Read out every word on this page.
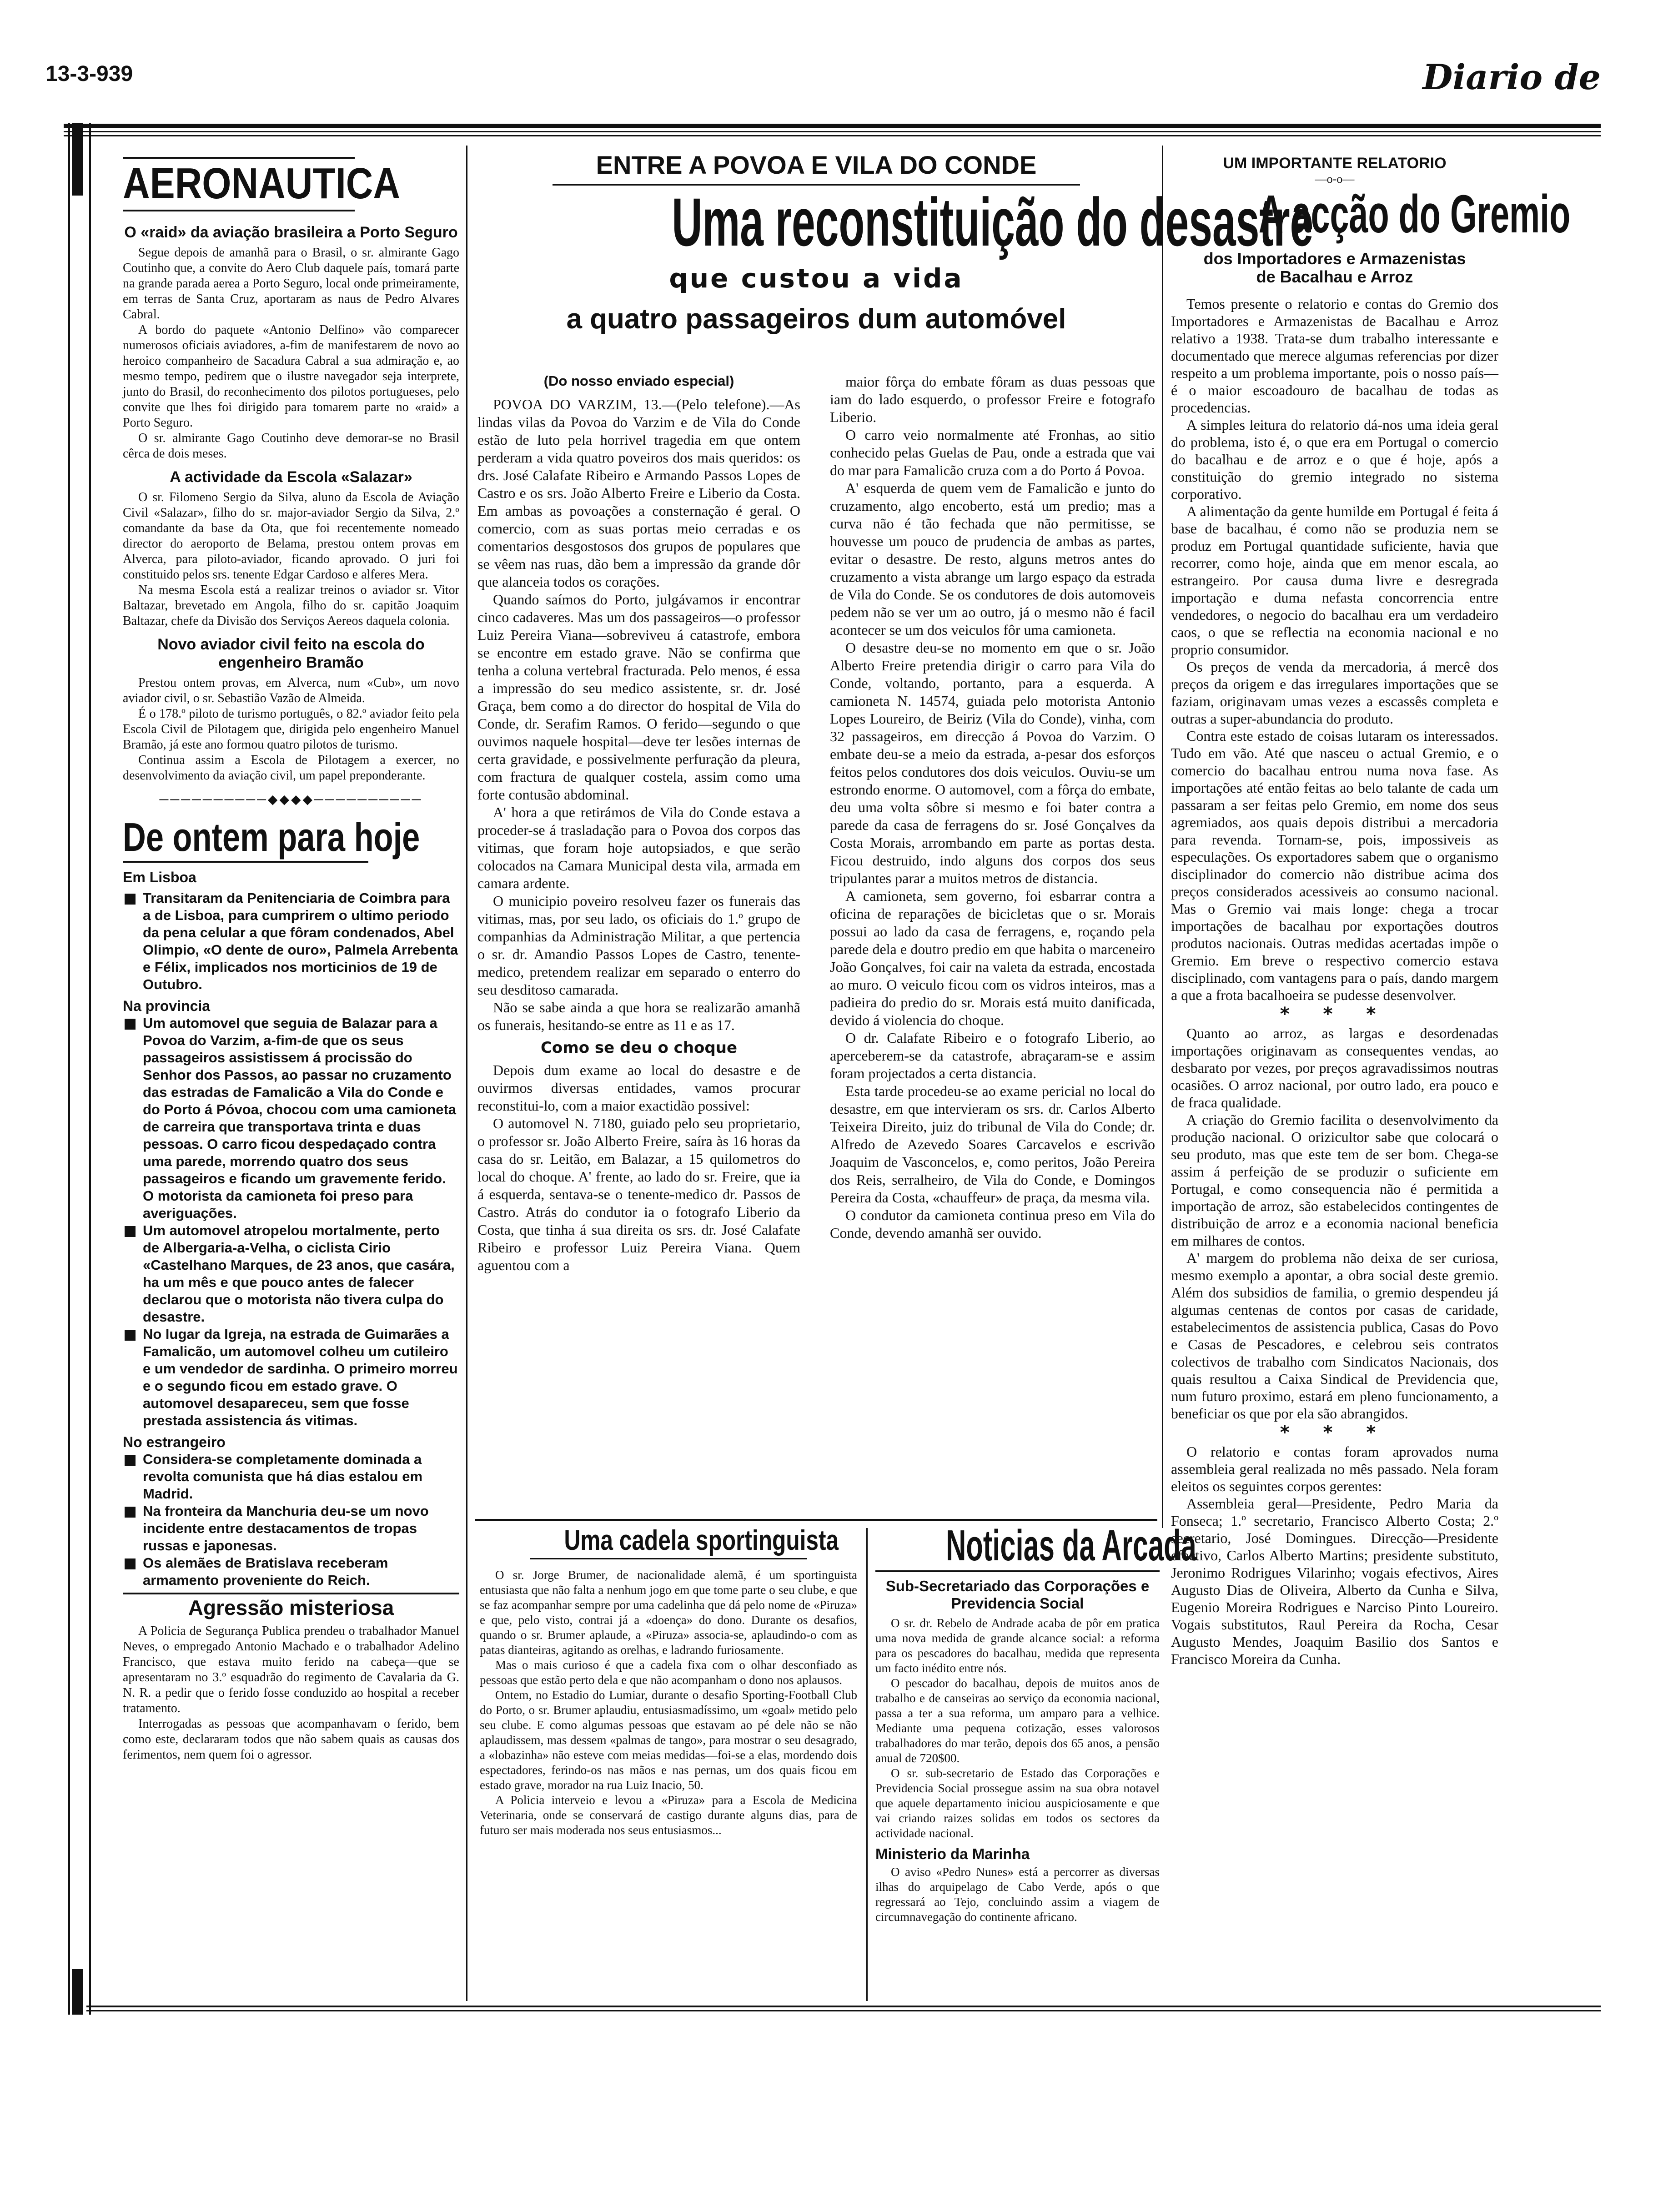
13-3-939	Diario de
AERONAUTICA
O «raid» da aviação brasileira a Porto Seguro

Segue depois de amanhã para o Brasil, o sr. almirante Gago Coutinho que, a convite do Aero Club daquele país, tomará parte na grande parada aerea a Porto Seguro, local onde primeiramente, em terras de Santa Cruz, aportaram as naus de Pedro Alvares Cabral.

A bordo do paquete «Antonio Delfino» vão comparecer numerosos oficiais aviadores, a-fim de manifestarem de novo ao heroico companheiro de Sacadura Cabral a sua admiração e, ao mesmo tempo, pedirem que o ilustre navegador seja interprete, junto do Brasil, do reconhecimento dos pilotos portugueses, pelo convite que lhes foi dirigido para tomarem parte no «raid» a Porto Seguro.

O sr. almirante Gago Coutinho deve demorar-se no Brasil cêrca de dois meses.

A actividade da Escola «Salazar»

O sr. Filomeno Sergio da Silva, aluno da Escola de Aviação Civil «Salazar», filho do sr. major-aviador Sergio da Silva, 2.º comandante da base da Ota, que foi recentemente nomeado director do aeroporto de Belama, prestou ontem provas em Alverca, para piloto-aviador, ficando aprovado. O juri foi constituido pelos srs. tenente Edgar Cardoso e alferes Mera.

Na mesma Escola está a realizar treinos o aviador sr. Vitor Baltazar, brevetado em Angola, filho do sr. capitão Joaquim Baltazar, chefe da Divisão dos Serviços Aereos daquela colonia.

Novo aviador civil feito na escola do engenheiro Bramão

Prestou ontem provas, em Alverca, num «Cub», um novo aviador civil, o sr. Sebastião Vazão de Almeida.

É o 178.º piloto de turismo português, o 82.º aviador feito pela Escola Civil de Pilotagem que, dirigida pelo engenheiro Manuel Bramão, já este ano formou quatro pilotos de turismo.

Continua assim a Escola de Pilotagem a exercer, no desenvolvimento da aviação civil, um papel preponderante.

──────────◆◆◆◆──────────
De ontem para hoje
Em Lisboa
Transitaram da Penitenciaria de Coimbra para a de Lisboa, para cumprirem o ultimo periodo da pena celular a que fôram condenados, Abel Olimpio, «O dente de ouro», Palmela Arrebenta e Félix, implicados nos morticinios de 19 de Outubro.
Na provincia
Um automovel que seguia de Balazar para a Povoa do Varzim, a-fim-de que os seus passageiros assistissem á procissão do Senhor dos Passos, ao passar no cruzamento das estradas de Famalicão a Vila do Conde e do Porto á Póvoa, chocou com uma camioneta de carreira que transportava trinta e duas pessoas. O carro ficou despedaçado contra uma parede, morrendo quatro dos seus passageiros e ficando um gravemente ferido. O motorista da camioneta foi preso para averiguações.
Um automovel atropelou mortalmente, perto de Albergaria-a-Velha, o ciclista Cirio «Castelhano Marques, de 23 anos, que casára, ha um mês e que pouco antes de falecer declarou que o motorista não tivera culpa do desastre.
No lugar da Igreja, na estrada de Guimarães a Famalicão, um automovel colheu um cutileiro e um vendedor de sardinha. O primeiro morreu e o segundo ficou em estado grave. O automovel desapareceu, sem que fosse prestada assistencia ás vitimas.
No estrangeiro
Considera-se completamente dominada a revolta comunista que há dias estalou em Madrid.
Na fronteira da Manchuria deu-se um novo incidente entre destacamentos de tropas russas e japonesas.
Os alemães de Bratislava receberam armamento proveniente do Reich.
Agressão misteriosa

A Policia de Segurança Publica prendeu o trabalhador Manuel Neves, o empregado Antonio Machado e o trabalhador Adelino Francisco, que estava muito ferido na cabeça—que se apresentaram no 3.º esquadrão do regimento de Cavalaria da G. N. R. a pedir que o ferido fosse conduzido ao hospital a receber tratamento.

Interrogadas as pessoas que acompanhavam o ferido, bem como este, declararam todos que não sabem quais as causas dos ferimentos, nem quem foi o agressor.

ENTRE A POVOA E VILA DO CONDE
Uma reconstituição do desastre
que custou a vida
a quatro passageiros dum automóvel
(Do nosso enviado especial)

POVOA DO VARZIM, 13.—(Pelo telefone).—As lindas vilas da Povoa do Varzim e de Vila do Conde estão de luto pela horrivel tragedia em que ontem perderam a vida quatro poveiros dos mais queridos: os drs. José Calafate Ribeiro e Armando Passos Lopes de Castro e os srs. João Alberto Freire e Liberio da Costa. Em ambas as povoações a consternação é geral. O comercio, com as suas portas meio cerradas e os comentarios desgostosos dos grupos de populares que se vêem nas ruas, dão bem a impressão da grande dôr que alanceia todos os corações.

Quando saímos do Porto, julgávamos ir encontrar cinco cadaveres. Mas um dos passageiros—o professor Luiz Pereira Viana—sobreviveu á catastrofe, embora se encontre em estado grave. Não se confirma que tenha a coluna vertebral fracturada. Pelo menos, é essa a impressão do seu medico assistente, sr. dr. José Graça, bem como a do director do hospital de Vila do Conde, dr. Serafim Ramos. O ferido—segundo o que ouvimos naquele hospital—deve ter lesões internas de certa gravidade, e possivelmente perfuração da pleura, com fractura de qualquer costela, assim como uma forte contusão abdominal.

A' hora a que retirámos de Vila do Conde estava a proceder-se á trasladação para o Povoa dos corpos das vitimas, que foram hoje autopsiados, e que serão colocados na Camara Municipal desta vila, armada em camara ardente.

O municipio poveiro resolveu fazer os funerais das vitimas, mas, por seu lado, os oficiais do 1.º grupo de companhias da Administração Militar, a que pertencia o sr. dr. Amandio Passos Lopes de Castro, tenente-medico, pretendem realizar em separado o enterro do seu desditoso camarada.

Não se sabe ainda a que hora se realizarão amanhã os funerais, hesitando-se entre as 11 e as 17.

Como se deu o choque

Depois dum exame ao local do desastre e de ouvirmos diversas entidades, vamos procurar reconstitui-lo, com a maior exactidão possivel:

O automovel N. 7180, guiado pelo seu proprietario, o professor sr. João Alberto Freire, saíra às 16 horas da casa do sr. Leitão, em Balazar, a 15 quilometros do local do choque. A' frente, ao lado do sr. Freire, que ia á esquerda, sentava-se o tenente-medico dr. Passos de Castro. Atrás do condutor ia o fotografo Liberio da Costa, que tinha á sua direita os srs. dr. José Calafate Ribeiro e professor Luiz Pereira Viana. Quem aguentou com a

maior fôrça do embate fôram as duas pessoas que iam do lado esquerdo, o professor Freire e fotografo Liberio.

O carro veio normalmente até Fronhas, ao sitio conhecido pelas Guelas de Pau, onde a estrada que vai do mar para Famalicão cruza com a do Porto á Povoa.

A' esquerda de quem vem de Famalicão e junto do cruzamento, algo encoberto, está um predio; mas a curva não é tão fechada que não permitisse, se houvesse um pouco de prudencia de ambas as partes, evitar o desastre. De resto, alguns metros antes do cruzamento a vista abrange um largo espaço da estrada de Vila do Conde. Se os condutores de dois automoveis pedem não se ver um ao outro, já o mesmo não é facil acontecer se um dos veiculos fôr uma camioneta.

O desastre deu-se no momento em que o sr. João Alberto Freire pretendia dirigir o carro para Vila do Conde, voltando, portanto, para a esquerda. A camioneta N. 14574, guiada pelo motorista Antonio Lopes Loureiro, de Beiriz (Vila do Conde), vinha, com 32 passageiros, em direcção á Povoa do Varzim. O embate deu-se a meio da estrada, a-pesar dos esforços feitos pelos condutores dos dois veiculos. Ouviu-se um estrondo enorme. O automovel, com a fôrça do embate, deu uma volta sôbre si mesmo e foi bater contra a parede da casa de ferragens do sr. José Gonçalves da Costa Morais, arrombando em parte as portas desta. Ficou destruido, indo alguns dos corpos dos seus tripulantes parar a muitos metros de distancia.

A camioneta, sem governo, foi esbarrar contra a oficina de reparações de bicicletas que o sr. Morais possui ao lado da casa de ferragens, e, roçando pela parede dela e doutro predio em que habita o marceneiro João Gonçalves, foi cair na valeta da estrada, encostada ao muro. O veiculo ficou com os vidros inteiros, mas a padieira do predio do sr. Morais está muito danificada, devido á violencia do choque.

O dr. Calafate Ribeiro e o fotografo Liberio, ao aperceberem-se da catastrofe, abraçaram-se e assim foram projectados a certa distancia.

Esta tarde procedeu-se ao exame pericial no local do desastre, em que intervieram os srs. dr. Carlos Alberto Teixeira Direito, juiz do tribunal de Vila do Conde; dr. Alfredo de Azevedo Soares Carcavelos e escrivão Joaquim de Vasconcelos, e, como peritos, João Pereira dos Reis, serralheiro, de Vila do Conde, e Domingos Pereira da Costa, «chauffeur» de praça, da mesma vila.

O condutor da camioneta continua preso em Vila do Conde, devendo amanhã ser ouvido.

Uma cadela sportinguista

O sr. Jorge Brumer, de nacionalidade alemã, é um sportinguista entusiasta que não falta a nenhum jogo em que tome parte o seu clube, e que se faz acompanhar sempre por uma cadelinha que dá pelo nome de «Piruza» e que, pelo visto, contrai já a «doença» do dono. Durante os desafios, quando o sr. Brumer aplaude, a «Piruza» associa-se, aplaudindo-o com as patas dianteiras, agitando as orelhas, e ladrando furiosamente.

Mas o mais curioso é que a cadela fixa com o olhar desconfiado as pessoas que estão perto dela e que não acompanham o dono nos aplausos.

Ontem, no Estadio do Lumiar, durante o desafio Sporting-Football Club do Porto, o sr. Brumer aplaudiu, entusiasmadíssimo, um «goal» metido pelo seu clube. E como algumas pessoas que estavam ao pé dele não se não aplaudissem, mas dessem «palmas de tango», para mostrar o seu desagrado, a «lobazinha» não esteve com meias medidas—foi-se a elas, mordendo dois espectadores, ferindo-os nas mãos e nas pernas, um dos quais ficou em estado grave, morador na rua Luiz Inacio, 50.

A Policia interveio e levou a «Piruza» para a Escola de Medicina Veterinaria, onde se conservará de castigo durante alguns dias, para de futuro ser mais moderada nos seus entusiasmos...

Noticias da Arcada
Sub-Secretariado das Corporações e Previdencia Social

O sr. dr. Rebelo de Andrade acaba de pôr em pratica uma nova medida de grande alcance social: a reforma para os pescadores do bacalhau, medida que representa um facto inédito entre nós.

O pescador do bacalhau, depois de muitos anos de trabalho e de canseiras ao serviço da economia nacional, passa a ter a sua reforma, um amparo para a velhice. Mediante uma pequena cotização, esses valorosos trabalhadores do mar terão, depois dos 65 anos, a pensão anual de 720$00.

O sr. sub-secretario de Estado das Corporações e Previdencia Social prossegue assim na sua obra notavel que aquele departamento iniciou auspiciosamente e que vai criando raizes solidas em todos os sectores da actividade nacional.

Ministerio da Marinha

O aviso «Pedro Nunes» está a percorrer as diversas ilhas do arquipelago de Cabo Verde, após o que regressará ao Tejo, concluindo assim a viagem de circumnavegação do continente africano.

UM IMPORTANTE RELATORIO
—o-o—
A acção do Gremio
dos Importadores e Armazenistas
de Bacalhau e Arroz

Temos presente o relatorio e contas do Gremio dos Importadores e Armazenistas de Bacalhau e Arroz relativo a 1938. Trata-se dum trabalho interessante e documentado que merece algumas referencias por dizer respeito a um problema importante, pois o nosso país—é o maior escoadouro de bacalhau de todas as procedencias.

A simples leitura do relatorio dá-nos uma ideia geral do problema, isto é, o que era em Portugal o comercio do bacalhau e de arroz e o que é hoje, após a constituição do gremio integrado no sistema corporativo.

A alimentação da gente humilde em Portugal é feita á base de bacalhau, é como não se produzia nem se produz em Portugal quantidade suficiente, havia que recorrer, como hoje, ainda que em menor escala, ao estrangeiro. Por causa duma livre e desregrada importação e duma nefasta concorrencia entre vendedores, o negocio do bacalhau era um verdadeiro caos, o que se reflectia na economia nacional e no proprio consumidor.

Os preços de venda da mercadoria, á mercê dos preços da origem e das irregulares importações que se faziam, originavam umas vezes a escassês completa e outras a super-abundancia do produto.

Contra este estado de coisas lutaram os interessados. Tudo em vão. Até que nasceu o actual Gremio, e o comercio do bacalhau entrou numa nova fase. As importações até então feitas ao belo talante de cada um passaram a ser feitas pelo Gremio, em nome dos seus agremiados, aos quais depois distribui a mercadoria para revenda. Tornam-se, pois, impossiveis as especulações. Os exportadores sabem que o organismo disciplinador do comercio não distribue acima dos preços considerados acessiveis ao consumo nacional. Mas o Gremio vai mais longe: chega a trocar importações de bacalhau por exportações doutros produtos nacionais. Outras medidas acertadas impõe o Gremio. Em breve o respectivo comercio estava disciplinado, com vantagens para o país, dando margem a que a frota bacalhoeira se pudesse desenvolver.

* * *

Quanto ao arroz, as largas e desordenadas importações originavam as consequentes vendas, ao desbarato por vezes, por preços agravadissimos noutras ocasiões. O arroz nacional, por outro lado, era pouco e de fraca qualidade.

A criação do Gremio facilita o desenvolvimento da produção nacional. O orizicultor sabe que colocará o seu produto, mas que este tem de ser bom. Chega-se assim á perfeição de se produzir o suficiente em Portugal, e como consequencia não é permitida a importação de arroz, são estabelecidos contingentes de distribuição de arroz e a economia nacional beneficia em milhares de contos.

A' margem do problema não deixa de ser curiosa, mesmo exemplo a apontar, a obra social deste gremio. Além dos subsidios de familia, o gremio despendeu já algumas centenas de contos por casas de caridade, estabelecimentos de assistencia publica, Casas do Povo e Casas de Pescadores, e celebrou seis contratos colectivos de trabalho com Sindicatos Nacionais, dos quais resultou a Caixa Sindical de Previdencia que, num futuro proximo, estará em pleno funcionamento, a beneficiar os que por ela são abrangidos.

* * *

O relatorio e contas foram aprovados numa assembleia geral realizada no mês passado. Nela foram eleitos os seguintes corpos gerentes:

Assembleia geral—Presidente, Pedro Maria da Fonseca; 1.º secretario, Francisco Alberto Costa; 2.º secretario, José Domingues. Direcção—Presidente efectivo, Carlos Alberto Martins; presidente substituto, Jeronimo Rodrigues Vilarinho; vogais efectivos, Aires Augusto Dias de Oliveira, Alberto da Cunha e Silva, Eugenio Moreira Rodrigues e Narciso Pinto Loureiro. Vogais substitutos, Raul Pereira da Rocha, Cesar Augusto Mendes, Joaquim Basilio dos Santos e Francisco Moreira da Cunha.
